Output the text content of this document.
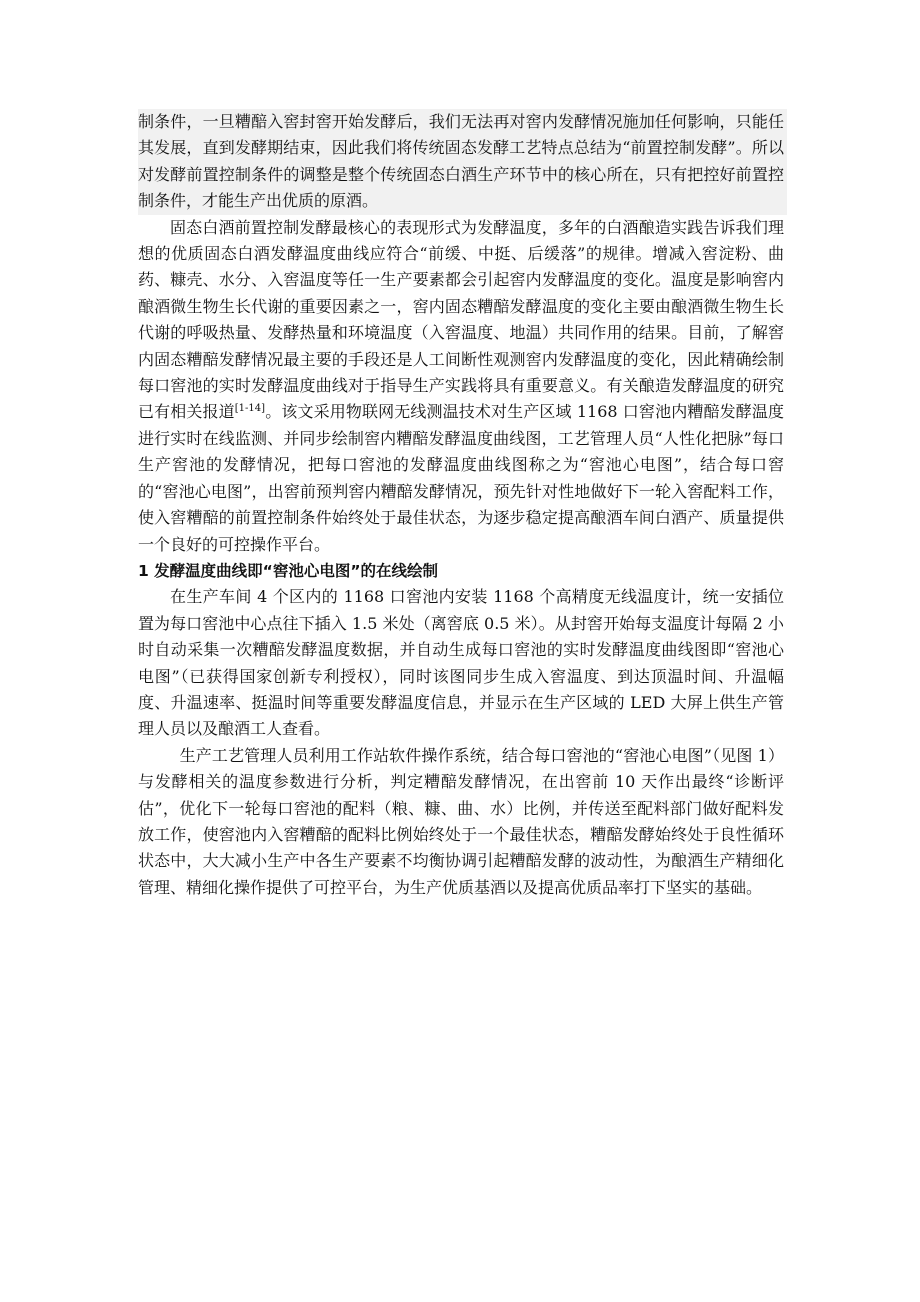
制条件，一旦糟醅入窖封窖开始发酵后，我们无法再对窖内发酵情况施加任何影响，只能任其发展，直到发酵期结束，因此我们将传统固态发酵工艺特点总结为“前置控制发酵”。所以对发酵前置控制条件的调整是整个传统固态白酒生产环节中的核心所在，只有把控好前置控制条件，才能生产出优质的原酒。

固态白酒前置控制发酵最核心的表现形式为发酵温度，多年的白酒酿造实践告诉我们理想的优质固态白酒发酵温度曲线应符合“前缓、中挺、后缓落”的规律。增减入窖淀粉、曲药、糠壳、水分、入窖温度等任一生产要素都会引起窖内发酵温度的变化。温度是影响窖内酿酒微生物生长代谢的重要因素之一，窖内固态糟醅发酵温度的变化主要由酿酒微生物生长代谢的呼吸热量、发酵热量和环境温度（入窖温度、地温）共同作用的结果。目前，了解窖内固态糟醅发酵情况最主要的手段还是人工间断性观测窖内发酵温度的变化，因此精确绘制每口窖池的实时发酵温度曲线对于指导生产实践将具有重要意义。有关酿造发酵温度的研究已有相关报道[1-14]。该文采用物联网无线测温技术对生产区域 1168 口窖池内糟醅发酵温度进行实时在线监测、并同步绘制窖内糟醅发酵温度曲线图，工艺管理人员“人性化把脉”每口生产窖池的发酵情况，把每口窖池的发酵温度曲线图称之为“窖池心电图”，结合每口窖的“窖池心电图”，出窖前预判窖内糟醅发酵情况，预先针对性地做好下一轮入窖配料工作，使入窖糟醅的前置控制条件始终处于最佳状态，为逐步稳定提高酿酒车间白酒产、质量提供一个良好的可控操作平台。

1 发酵温度曲线即“窖池心电图”的在线绘制

在生产车间 4 个区内的 1168 口窖池内安装 1168 个高精度无线温度计，统一安插位置为每口窖池中心点往下插入 1.5 米处（离窖底 0.5 米）。从封窖开始每支温度计每隔 2 小时自动采集一次糟醅发酵温度数据，并自动生成每口窖池的实时发酵温度曲线图即“窖池心电图”（已获得国家创新专利授权），同时该图同步生成入窖温度、到达顶温时间、升温幅度、升温速率、挺温时间等重要发酵温度信息，并显示在生产区域的 LED 大屏上供生产管理人员以及酿酒工人查看。

生产工艺管理人员利用工作站软件操作系统，结合每口窖池的“窖池心电图”（见图 1）与发酵相关的温度参数进行分析，判定糟醅发酵情况，在出窖前 10 天作出最终“诊断评估”，优化下一轮每口窖池的配料（粮、糠、曲、水）比例，并传送至配料部门做好配料发放工作，使窖池内入窖糟醅的配料比例始终处于一个最佳状态，糟醅发酵始终处于良性循环状态中，大大减小生产中各生产要素不均衡协调引起糟醅发酵的波动性，为酿酒生产精细化管理、精细化操作提供了可控平台，为生产优质基酒以及提高优质品率打下坚实的基础。
